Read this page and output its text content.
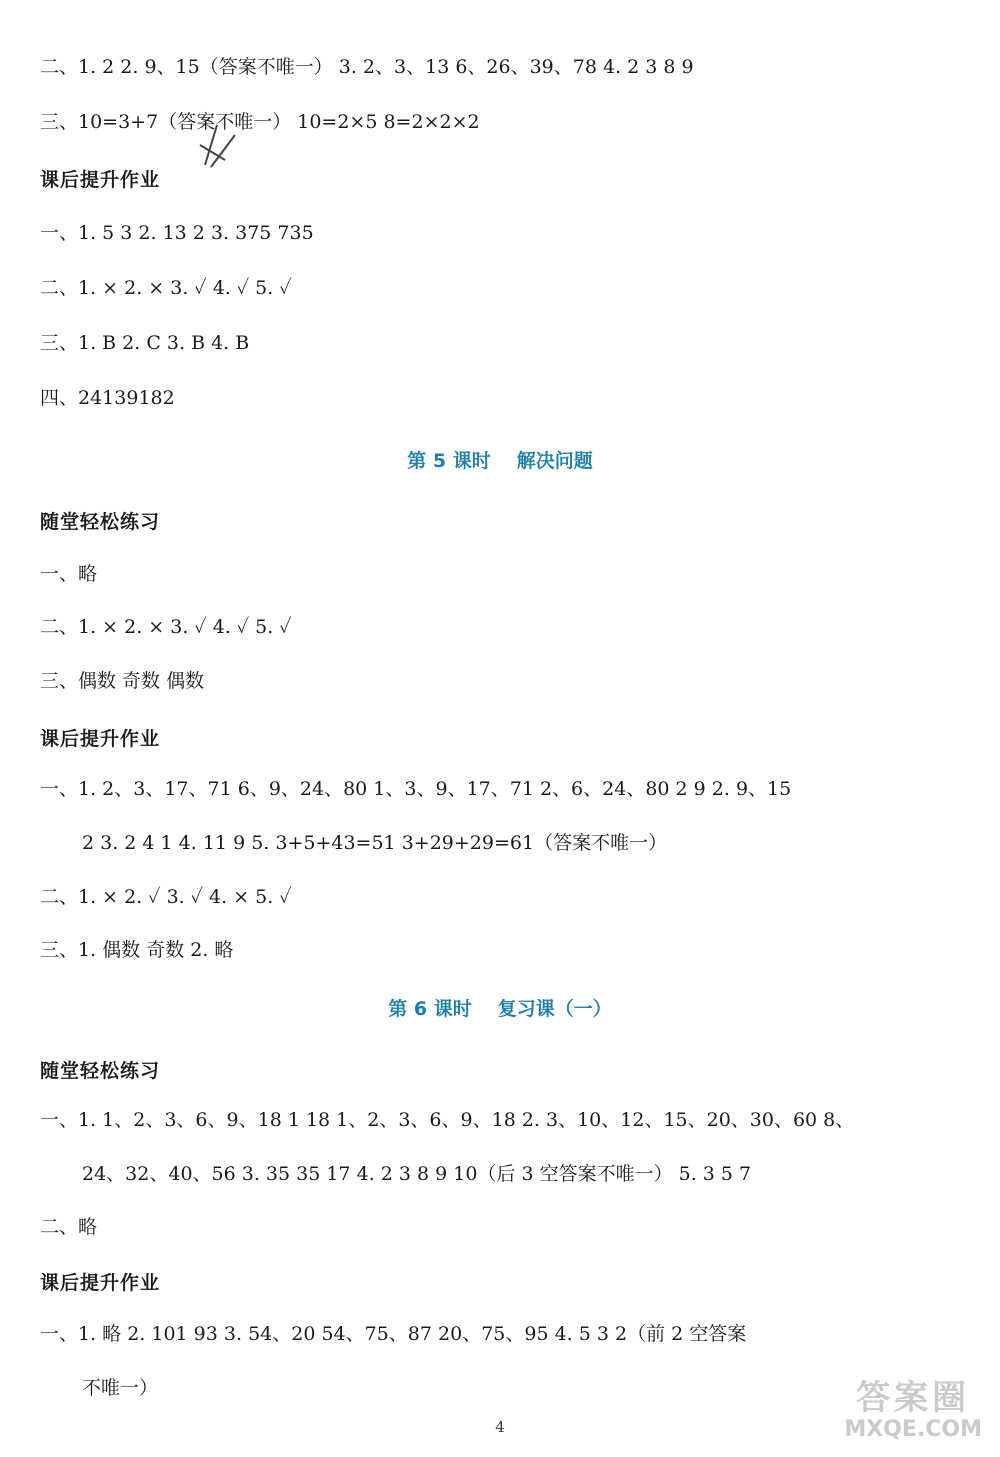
二、1. 2 2. 9、15（答案不唯一） 3. 2、3、13 6、26、39、78 4. 2 3 8 9
三、10=3+7（答案不唯一） 10=2×5 8=2×2×2
课后提升作业
一、1. 5 3 2. 13 2 3. 375 735
二、1. × 2. × 3. ✓ 4. ✓ 5. ✓
三、1. B 2. C 3. B 4. B
四、24139182
第 5 课时 解决问题
随堂轻松练习
一、略
二、1. × 2. × 3. ✓ 4. ✓ 5. ✓
三、偶数 奇数 偶数
课后提升作业
一、1. 2、3、17、71 6、9、24、80 1、3、9、17、71 2、6、24、80 2 9 2. 9、15
2 3. 2 4 1 4. 11 9 5. 3+5+43=51 3+29+29=61（答案不唯一）
二、1. × 2. ✓ 3. ✓ 4. × 5. ✓
三、1. 偶数 奇数 2. 略
第 6 课时 复习课（一）
随堂轻松练习
一、1. 1、2、3、6、9、18 1 18 1、2、3、6、9、18 2. 3、10、12、15、20、30、60 8、
24、32、40、56 3. 35 35 17 4. 2 3 8 9 10（后 3 空答案不唯一） 5. 3 5 7
二、略
课后提升作业
一、1. 略 2. 101 93 3. 54、20 54、75、87 20、75、95 4. 5 3 2（前 2 空答案
不唯一）
4
答案圈
MXQE.COM
